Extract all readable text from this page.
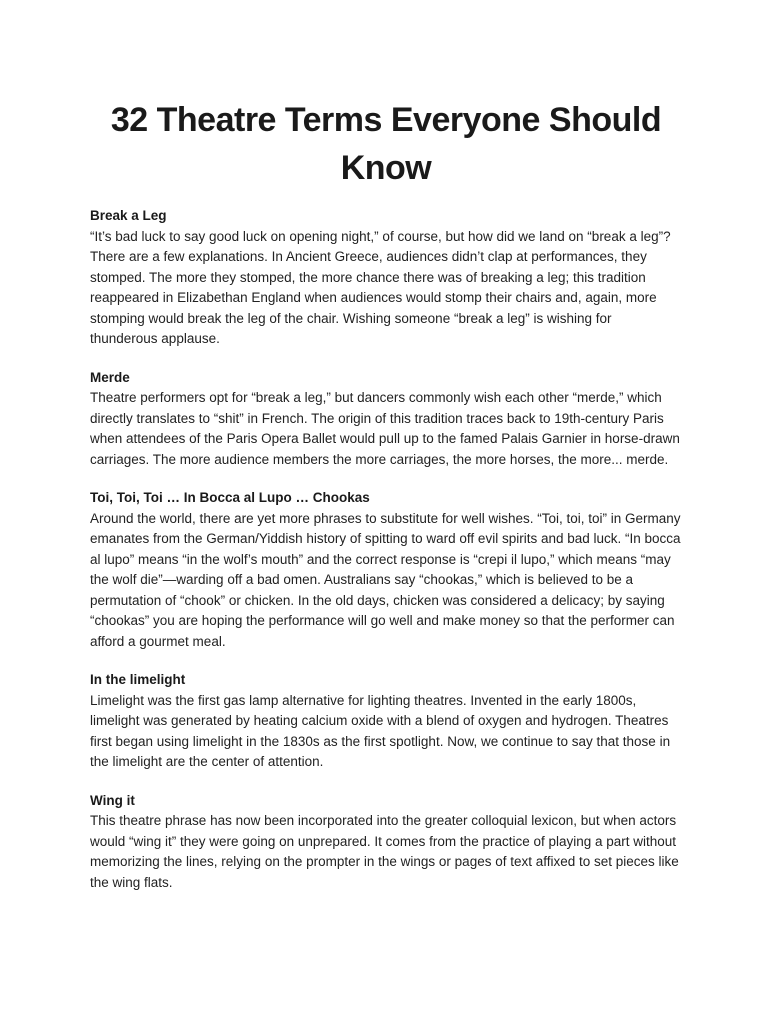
32 Theatre Terms Everyone Should Know

Break a Leg

“It’s bad luck to say good luck on opening night,” of course, but how did we land on “break a leg”? There are a few explanations. In Ancient Greece, audiences didn’t clap at performances, they stomped. The more they stomped, the more chance there was of breaking a leg; this tradition reappeared in Elizabethan England when audiences would stomp their chairs and, again, more stomping would break the leg of the chair. Wishing someone “break a leg” is wishing for thunderous applause.

Merde

Theatre performers opt for “break a leg,” but dancers commonly wish each other “merde,” which directly translates to “shit” in French. The origin of this tradition traces back to 19th-century Paris when attendees of the Paris Opera Ballet would pull up to the famed Palais Garnier in horse-drawn carriages. The more audience members the more carriages, the more horses, the more... merde.

Toi, Toi, Toi … In Bocca al Lupo … Chookas

Around the world, there are yet more phrases to substitute for well wishes. “Toi, toi, toi” in Germany emanates from the German/Yiddish history of spitting to ward off evil spirits and bad luck. “In bocca al lupo” means “in the wolf’s mouth” and the correct response is “crepi il lupo,” which means “may the wolf die”—warding off a bad omen. Australians say “chookas,” which is believed to be a permutation of “chook” or chicken. In the old days, chicken was considered a delicacy; by saying “chookas” you are hoping the performance will go well and make money so that the performer can afford a gourmet meal.

In the limelight

Limelight was the first gas lamp alternative for lighting theatres. Invented in the early 1800s, limelight was generated by heating calcium oxide with a blend of oxygen and hydrogen. Theatres first began using limelight in the 1830s as the first spotlight. Now, we continue to say that those in the limelight are the center of attention.

Wing it

This theatre phrase has now been incorporated into the greater colloquial lexicon, but when actors would “wing it” they were going on unprepared. It comes from the practice of playing a part without memorizing the lines, relying on the prompter in the wings or pages of text affixed to set pieces like the wing flats.
